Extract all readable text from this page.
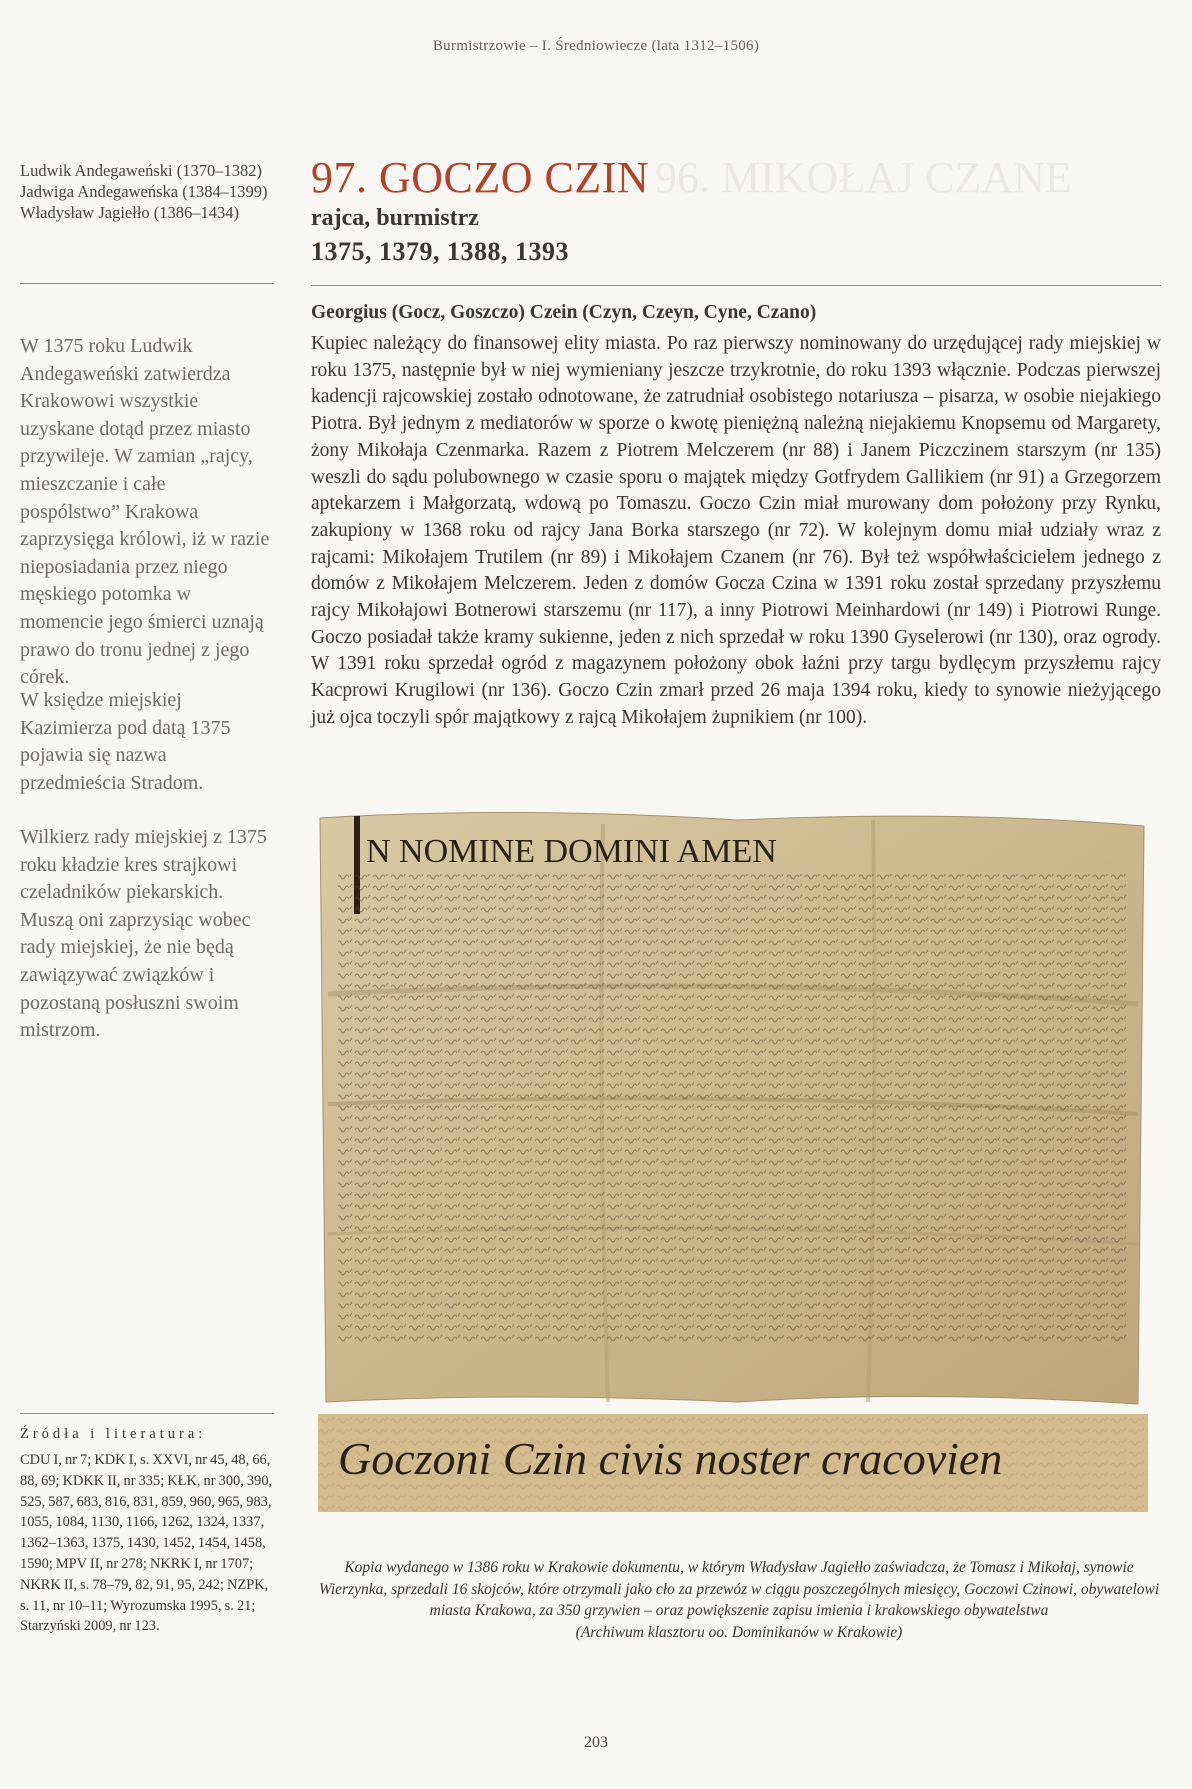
Burmistrzowie – I. Średniowiecze (lata 1312–1506)
Ludwik Andegaweński (1370–1382)
Jadwiga Andegaweńska (1384–1399)
Władysław Jagiełło (1386–1434)
W 1375 roku Ludwik Andegaweński zatwierdza Krakowowi wszystkie uzyskane dotąd przez miasto przywileje. W zamian „rajcy, mieszczanie i całe pospólstwo” Krakowa zaprzysięga królowi, iż w razie nieposiadania przez niego męskiego potomka w momencie jego śmierci uznają prawo do tronu jednej z jego córek.
W księdze miejskiej Kazimierza pod datą 1375 pojawia się nazwa przedmieścia Stradom.
Wilkierz rady miejskiej z 1375 roku kładzie kres strajkowi czeladników piekarskich. Muszą oni zaprzysiąc wobec rady miejskiej, że nie będą zawiązywać związków i pozostaną posłuszni swoim mistrzom.
96. MIKOŁAJ CZANE
97. GOCZO CZIN
rajca, burmistrz
1375, 1379, 1388, 1393
Georgius (Gocz, Goszczo) Czein (Czyn, Czeyn, Cyne, Czano)
Kupiec należący do finansowej elity miasta. Po raz pierwszy nominowany do urzędującej rady miejskiej w roku 1375, następnie był w niej wymieniany jeszcze trzykrotnie, do roku 1393 włącznie. Podczas pierwszej kadencji rajcowskiej zostało odnotowane, że zatrudniał osobistego notariusza – pisarza, w osobie niejakiego Piotra. Był jednym z mediatorów w sporze o kwotę pieniężną należną niejakiemu Knopsemu od Margarety, żony Mikołaja Czenmarka. Razem z Piotrem Melczerem (nr 88) i Janem Piczczinem starszym (nr 135) weszli do sądu polubownego w czasie sporu o majątek między Gotfrydem Gallikiem (nr 91) a Grzegorzem aptekarzem i Małgorzatą, wdową po Tomaszu. Goczo Czin miał murowany dom położony przy Rynku, zakupiony w 1368 roku od rajcy Jana Borka starszego (nr 72). W kolejnym domu miał udziały wraz z rajcami: Mikołajem Trutilem (nr 89) i Mikołajem Czanem (nr 76). Był też współwłaścicielem jednego z domów z Mikołajem Melczerem. Jeden z domów Gocza Czina w 1391 roku został sprzedany przyszłemu rajcy Mikołajowi Botnerowi starszemu (nr 117), a inny Piotrowi Meinhardowi (nr 149) i Piotrowi Runge. Goczo posiadał także kramy sukienne, jeden z nich sprzedał w roku 1390 Gyselerowi (nr 130), oraz ogrody. W 1391 roku sprzedał ogród z magazynem położony obok łaźni przy targu bydlęcym przyszłemu rajcy Kacprowi Krugilowi (nr 136). Goczo Czin zmarł przed 26 maja 1394 roku, kiedy to synowie nieżyjącego już ojca toczyli spór majątkowy z rajcą Mikołajem żupnikiem (nr 100).
N NOMINE DOMINI AMEN
Goczoni Czin civis noster cracovien
Kopia wydanego w 1386 roku w Krakowie dokumentu, w którym Władysław Jagiełło zaświadcza, że Tomasz i Mikołaj, synowie Wierzynka, sprzedali 16 skojców, które otrzymali jako cło za przewóz w ciągu poszczególnych miesięcy, Goczowi Czinowi, obywatelowi miasta Krakowa, za 350 grzywien – oraz powiększenie zapisu imienia i krakowskiego obywatelstwa
(Archiwum klasztoru oo. Dominikanów w Krakowie)
Źródła i literatura:
CDU I, nr 7; KDK I, s. XXVI, nr 45, 48, 66, 88, 69; KDKK II, nr 335; KŁK, nr 300, 390, 525, 587, 683, 816, 831, 859, 960, 965, 983, 1055, 1084, 1130, 1166, 1262, 1324, 1337, 1362–1363, 1375, 1430, 1452, 1454, 1458, 1590; MPV II, nr 278; NKRK I, nr 1707; NKRK II, s. 78–79, 82, 91, 95, 242; NZPK, s. 11, nr 10–11; Wyrozumska 1995, s. 21; Starzyński 2009, nr 123.
203
